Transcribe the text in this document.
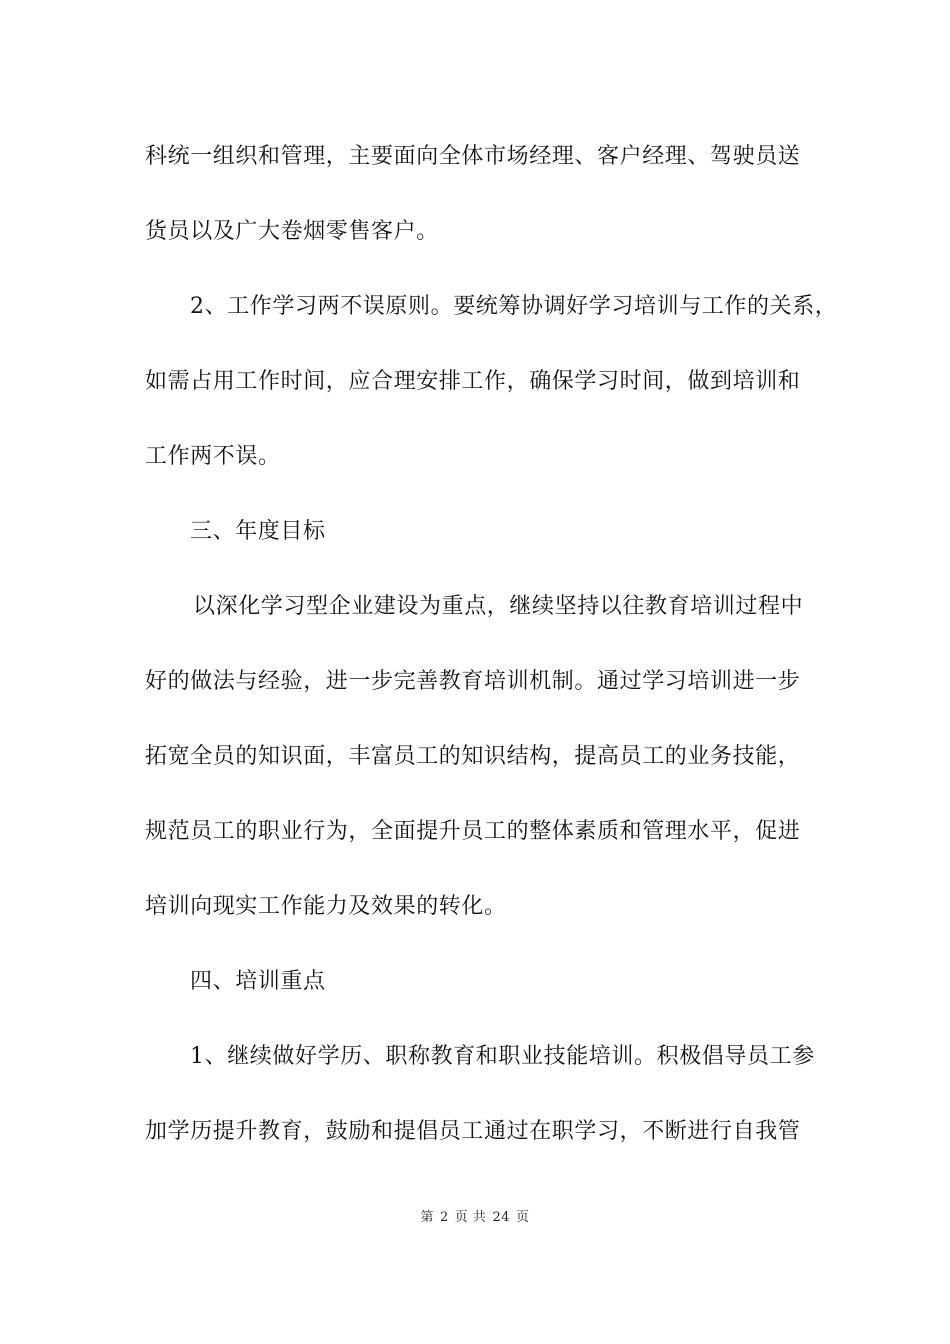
科统一组织和管理，主要面向全体市场经理、客户经理、驾驶员送
货员以及广大卷烟零售客户。
2、工作学习两不误原则。要统筹协调好学习培训与工作的关系，
如需占用工作时间，应合理安排工作，确保学习时间，做到培训和
工作两不误。
三、年度目标
以深化学习型企业建设为重点，继续坚持以往教育培训过程中
好的做法与经验，进一步完善教育培训机制。通过学习培训进一步
拓宽全员的知识面，丰富员工的知识结构，提高员工的业务技能，
规范员工的职业行为，全面提升员工的整体素质和管理水平，促进
培训向现实工作能力及效果的转化。
四、培训重点
1、继续做好学历、职称教育和职业技能培训。积极倡导员工参
加学历提升教育，鼓励和提倡员工通过在职学习，不断进行自我管
第 2 页 共 24 页
